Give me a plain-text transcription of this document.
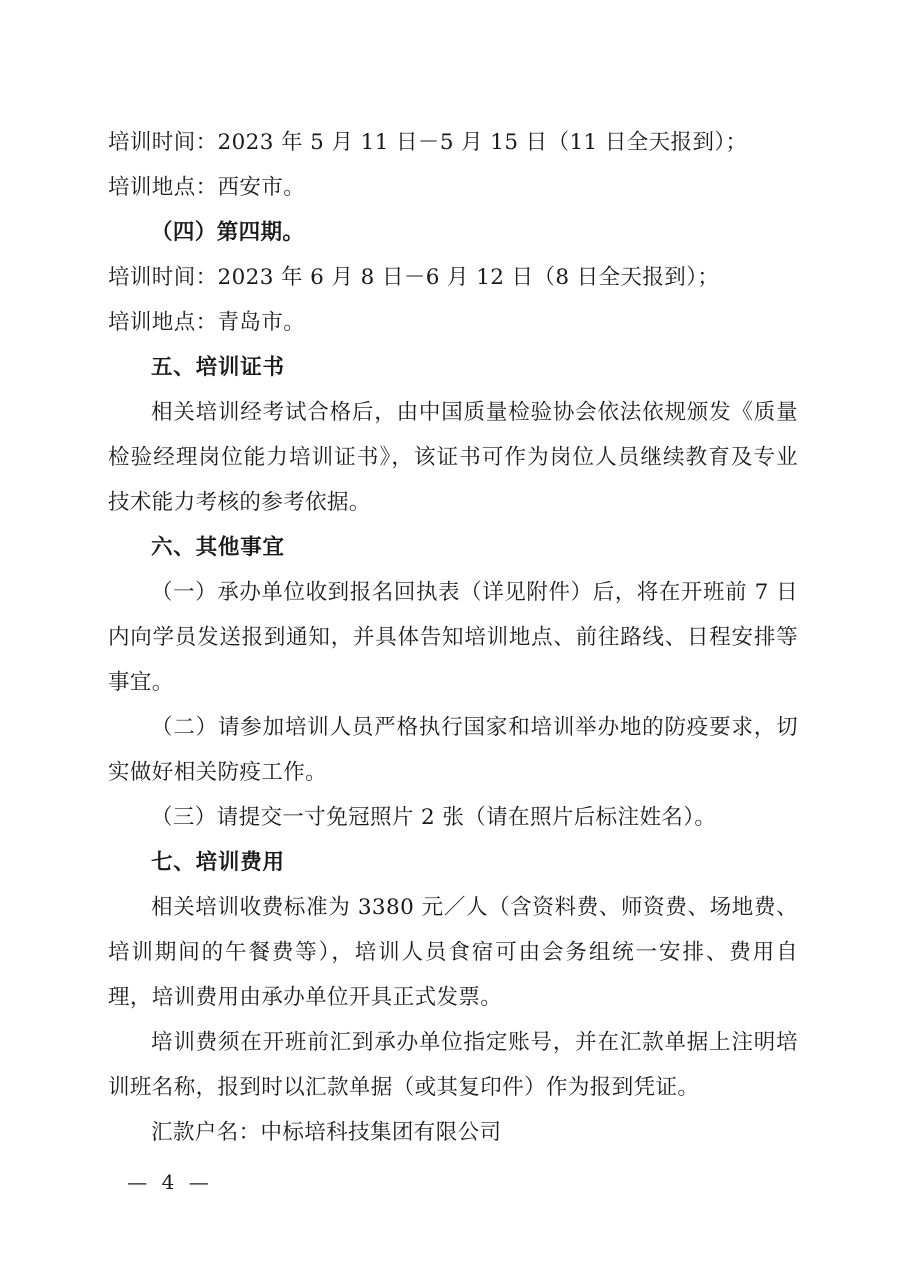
培训时间：2023 年 5 月 11 日－5 月 15 日（11 日全天报到）；

培训地点：西安市。

（四）第四期。

培训时间：2023 年 6 月 8 日－6 月 12 日（8 日全天报到）；

培训地点：青岛市。

五、培训证书

相关培训经考试合格后，由中国质量检验协会依法依规颁发《质量检验经理岗位能力培训证书》，该证书可作为岗位人员继续教育及专业技术能力考核的参考依据。

六、其他事宜

（一）承办单位收到报名回执表（详见附件）后，将在开班前 7 日内向学员发送报到通知，并具体告知培训地点、前往路线、日程安排等事宜。

（二）请参加培训人员严格执行国家和培训举办地的防疫要求，切实做好相关防疫工作。

（三）请提交一寸免冠照片 2 张（请在照片后标注姓名）。

七、培训费用

相关培训收费标准为 3380 元／人（含资料费、师资费、场地费、培训期间的午餐费等），培训人员食宿可由会务组统一安排、费用自理，培训费用由承办单位开具正式发票。

培训费须在开班前汇到承办单位指定账号，并在汇款单据上注明培训班名称，报到时以汇款单据（或其复印件）作为报到凭证。

汇款户名：中标培科技集团有限公司

— 4 —
